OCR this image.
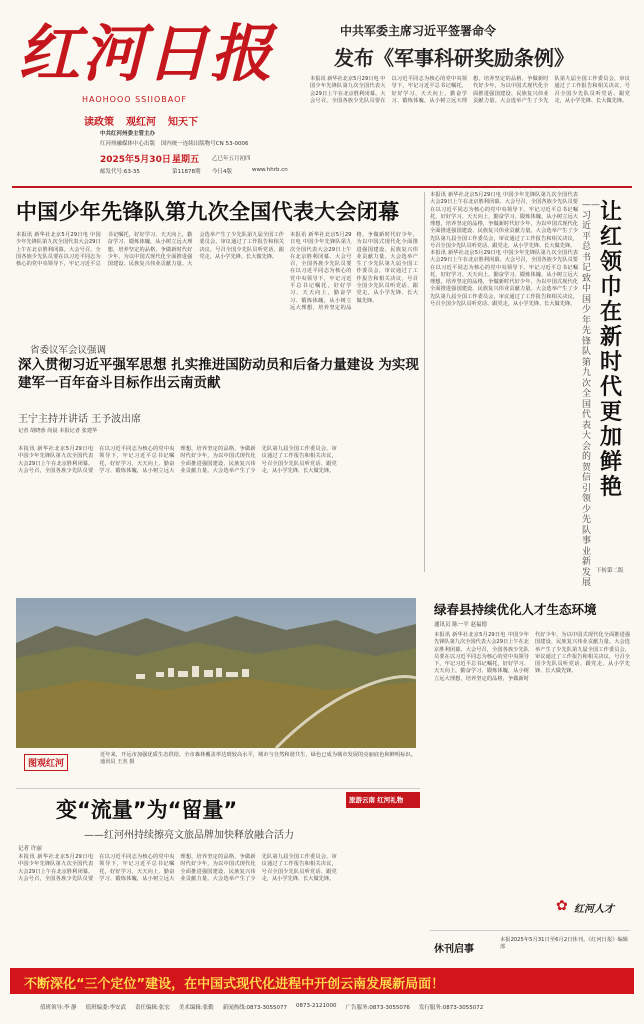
红河日报
HAOHOOO SSIIOBAOF
读政策 观红河 知天下
中共红河州委主管主办
红河州融媒体中心出版 国内统一连续出版物号CN 53-0006
中共军委主席习近平签署命令
发布《军事科研奖励条例》
本报讯 新华社北京5月29日电 中国少年先锋队第九次全国代表大会29日上午在北京胜利闭幕。大会号召，全国各族少先队员要在以习近平同志为核心的党中央领导下，牢记习近平总书记嘱托，好好学习、天天向上，勤奋学习、锻炼体魄，从小树立远大理想，培养坚定的品格，争做新时代好少年，为以中国式现代化全面推进强国建设、民族复兴伟业贡献力量。大会选举产生了少先队第九届全国工作委员会，审议通过了工作报告和相关决议，号召全国少先队员听党话、跟党走，从小学先锋、长大做先锋。
2025年5月30日 星期五 乙巳年五月初四
邮发代号:63-35	第11878期 今日4版	www.hhrb.cn
中国少年先锋队第九次全国代表大会闭幕
本报讯 新华社北京5月29日电 中国少年先锋队第九次全国代表大会29日上午在北京胜利闭幕。大会号召，全国各族少先队员要在以习近平同志为核心的党中央领导下，牢记习近平总书记嘱托，好好学习、天天向上，勤奋学习、锻炼体魄，从小树立远大理想，培养坚定的品格，争做新时代好少年，为以中国式现代化全面推进强国建设、民族复兴伟业贡献力量。大会选举产生了少先队第九届全国工作委员会，审议通过了工作报告和相关决议，号召全国少先队员听党话、跟党走，从小学先锋、长大做先锋。
本报讯 新华社北京5月29日电 中国少年先锋队第九次全国代表大会29日上午在北京胜利闭幕。大会号召，全国各族少先队员要在以习近平同志为核心的党中央领导下，牢记习近平总书记嘱托，好好学习、天天向上，勤奋学习、锻炼体魄，从小树立远大理想，培养坚定的品格，争做新时代好少年，为以中国式现代化全面推进强国建设、民族复兴伟业贡献力量。大会选举产生了少先队第九届全国工作委员会，审议通过了工作报告和相关决议，号召全国少先队员听党话、跟党走，从小学先锋、长大做先锋。
本报讯 新华社北京5月29日电 中国少年先锋队第九次全国代表大会29日上午在北京胜利闭幕。大会号召，全国各族少先队员要在以习近平同志为核心的党中央领导下，牢记习近平总书记嘱托，好好学习、天天向上，勤奋学习、锻炼体魄，从小树立远大理想，培养坚定的品格，争做新时代好少年，为以中国式现代化全面推进强国建设、民族复兴伟业贡献力量。大会选举产生了少先队第九届全国工作委员会，审议通过了工作报告和相关决议，号召全国少先队员听党话、跟党走，从小学先锋、长大做先锋。
让红领巾在新时代更加鲜艳
——习近平总书记致中国少年先锋队第九次全国代表大会的贺信引领少先队事业新发展
本报讯 新华社北京5月29日电 中国少年先锋队第九次全国代表大会29日上午在北京胜利闭幕。大会号召，全国各族少先队员要在以习近平同志为核心的党中央领导下，牢记习近平总书记嘱托，好好学习、天天向上，勤奋学习、锻炼体魄，从小树立远大理想，培养坚定的品格，争做新时代好少年，为以中国式现代化全面推进强国建设、民族复兴伟业贡献力量。大会选举产生了少先队第九届全国工作委员会，审议通过了工作报告和相关决议，号召全国少先队员听党话、跟党走，从小学先锋、长大做先锋。
下转第二版
省委议军会议强调
深入贯彻习近平强军思想 扎实推进国防动员和后备力量建设 为实现建军一百年奋斗目标作出云南贡献
王宁主持并讲话 王予波出席
记者 胡晓蓉 尚晨 本报记者 张建华
本报讯 新华社北京5月29日电 中国少年先锋队第九次全国代表大会29日上午在北京胜利闭幕。大会号召，全国各族少先队员要在以习近平同志为核心的党中央领导下，牢记习近平总书记嘱托，好好学习、天天向上，勤奋学习、锻炼体魄，从小树立远大理想，培养坚定的品格，争做新时代好少年，为以中国式现代化全面推进强国建设、民族复兴伟业贡献力量。大会选举产生了少先队第九届全国工作委员会，审议通过了工作报告和相关决议，号召全国少先队员听党话、跟党走，从小学先锋、长大做先锋。
图观红河
近年来，开远市加强优质生态供给，全市森林覆盖率达到较高水平，城市与自然和谐共生，绿色已成为城市发展的亮丽底色和鲜明标识。通讯员 王杰 摄
绿春县持续优化人才生态环境
通讯员 陈一平 赵福德
本报讯 新华社北京5月29日电 中国少年先锋队第九次全国代表大会29日上午在北京胜利闭幕。大会号召，全国各族少先队员要在以习近平同志为核心的党中央领导下，牢记习近平总书记嘱托，好好学习、天天向上，勤奋学习、锻炼体魄，从小树立远大理想，培养坚定的品格，争做新时代好少年，为以中国式现代化全面推进强国建设、民族复兴伟业贡献力量。大会选举产生了少先队第九届全国工作委员会，审议通过了工作报告和相关决议，号召全国少先队员听党话、跟党走，从小学先锋、长大做先锋。
✿ 红河人才
变“流量”为“留量”
——红河州持续擦亮文旅品牌加快释放融合活力
记者 许丽
本报讯 新华社北京5月29日电 中国少年先锋队第九次全国代表大会29日上午在北京胜利闭幕。大会号召，全国各族少先队员要在以习近平同志为核心的党中央领导下，牢记习近平总书记嘱托，好好学习、天天向上，勤奋学习、锻炼体魄，从小树立远大理想，培养坚定的品格，争做新时代好少年，为以中国式现代化全面推进强国建设、民族复兴伟业贡献力量。大会选举产生了少先队第九届全国工作委员会，审议通过了工作报告和相关决议，号召全国少先队员听党话、跟党走，从小学先锋、长大做先锋。
旅游云南 红河礼物
休刊启事
本报2025年5月31日至6月2日休刊。《红河日报》编辑部
不断深化“三个定位”建设，在中国式现代化进程中开创云南发展新局面！
值班领导:李 静 值班编委:李安武 责任编辑:张宏 美术编辑:张勤 新闻热线:0873-3055077 0873-2121000 广告服务:0873-3055076 发行服务:0873-3055072
